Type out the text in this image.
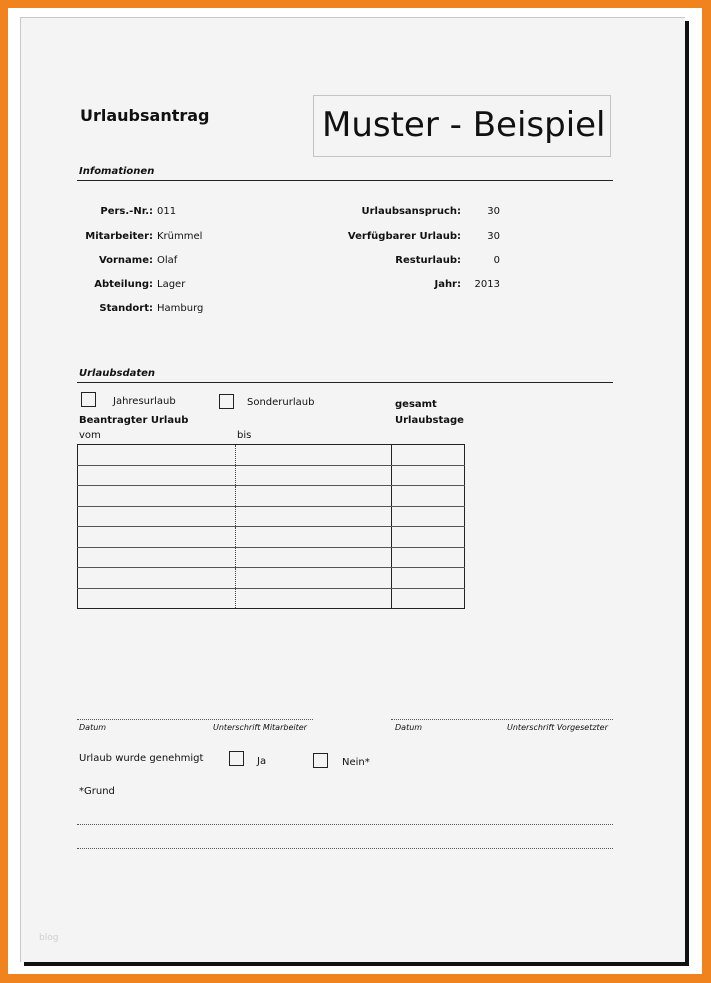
Urlaubsantrag	Muster - Beispiel
Infomationen
Pers.-Nr.: 011
Mitarbeiter: Krümmel
Vorname: Olaf
Abteilung: Lager
Standort: Hamburg
Urlaubsanspruch:	30
Verfügbarer Urlaub:	30
Resturlaub:	0
Jahr:	2013
Urlaubsdaten
Jahresurlaub	Sonderurlaub	gesamt
Urlaubstage
Beantragter Urlaub
vom	bis

Datum	Unterschrift Mitarbeiter	Datum	Unterschrift Vorgesetzter
Urlaub wurde genehmigt	Ja	Nein*
*Grund
blog
